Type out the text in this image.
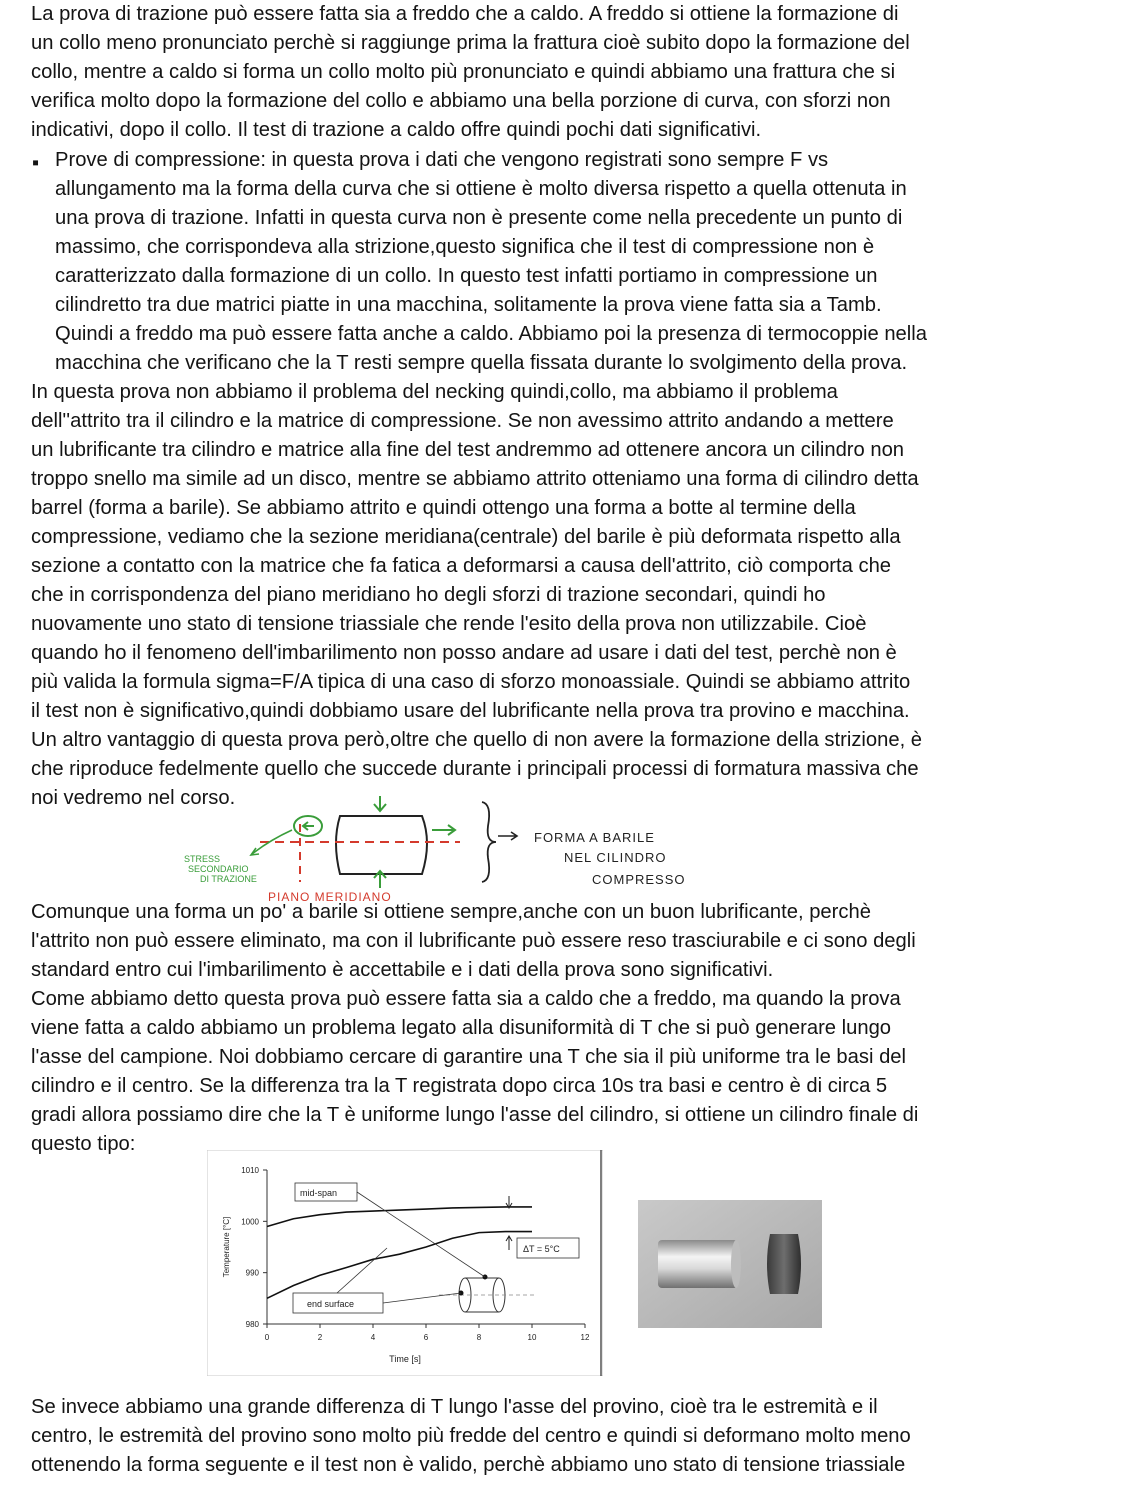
La prova di trazione può essere fatta sia a freddo che a caldo. A freddo si ottiene la formazione di
un collo meno pronunciato perchè si raggiunge prima la frattura cioè subito dopo la formazione del
collo, mentre a caldo si forma un collo molto più pronunciato e quindi abbiamo una frattura che si
verifica molto dopo la formazione del collo e abbiamo una bella porzione di curva, con sforzi non
indicativi, dopo il collo. Il test di trazione a caldo offre quindi pochi dati significativi.
▪ Prove di compressione: in questa prova i dati che vengono registrati sono sempre F vs
allungamento ma la forma della curva che si ottiene è molto diversa rispetto a quella ottenuta in
una prova di trazione. Infatti in questa curva non è presente come nella precedente un punto di
massimo, che corrispondeva alla strizione,questo significa che il test di compressione non è
caratterizzato dalla formazione di un collo. In questo test infatti portiamo in compressione un
cilindretto tra due matrici piatte in una macchina, solitamente la prova viene fatta sia a Tamb.
Quindi a freddo ma può essere fatta anche a caldo. Abbiamo poi la presenza di termocoppie nella
macchina che verificano che la T resti sempre quella fissata durante lo svolgimento della prova.
In questa prova non abbiamo il problema del necking quindi,collo, ma abbiamo il problema
dell''attrito tra il cilindro e la matrice di compressione. Se non avessimo attrito andando a mettere
un lubrificante tra cilindro e matrice alla fine del test andremmo ad ottenere ancora un cilindro non
troppo snello ma simile ad un disco, mentre se abbiamo attrito otteniamo una forma di cilindro detta
barrel (forma a barile). Se abbiamo attrito e quindi ottengo una forma a botte al termine della
compressione, vediamo che la sezione meridiana(centrale) del barile è più deformata rispetto alla
sezione a contatto con la matrice che fa fatica a deformarsi a causa dell'attrito, ciò comporta che
che in corrispondenza del piano meridiano ho degli sforzi di trazione secondari, quindi ho
nuovamente uno stato di tensione triassiale che rende l'esito della prova non utilizzabile. Cioè
quando ho il fenomeno dell'imbarilimento non posso andare ad usare i dati del test, perchè non è
più valida la formula sigma=F/A tipica di una caso di sforzo monoassiale. Quindi se abbiamo attrito
il test non è significativo,quindi dobbiamo usare del lubrificante nella prova tra provino e macchina.
Un altro vantaggio di questa prova però,oltre che quello di non avere la formazione della strizione, è
che riproduce fedelmente quello che succede durante i principali processi di formatura massiva che
noi vedremo nel corso.
STRESS
SECONDARIO
DI TRAZIONE
PIANO MERIDIANO
FORMA A BARILE
NEL CILINDRO
COMPRESSO
Comunque una forma un po' a barile si ottiene sempre,anche con un buon lubrificante, perchè
l'attrito non può essere eliminato, ma con il lubrificante può essere reso trasciurabile e ci sono degli
standard entro cui l'imbarilimento è accettabile e i dati della prova sono significativi.
Come abbiamo detto questa prova può essere fatta sia a caldo che a freddo, ma quando la prova
viene fatta a caldo abbiamo un problema legato alla disuniformità di T che si può generare lungo
l'asse del campione. Noi dobbiamo cercare di garantire una T che sia il più uniforme tra le basi del
cilindro e il centro. Se la differenza tra la T registrata dopo circa 10s tra basi e centro è di circa 5
gradi allora possiamo dire che la T è uniforme lungo l'asse del cilindro, si ottiene un cilindro finale di
questo tipo:
0	2	4	6	8	10	12
980
990
1000
1010
mid-span
end surface
ΔT = 5°C
Time [s]
Temperature [°C]
Se invece abbiamo una grande differenza di T lungo l'asse del provino, cioè tra le estremità e il
centro, le estremità del provino sono molto più fredde del centro e quindi si deformano molto meno
ottenendo la forma seguente e il test non è valido, perchè abbiamo uno stato di tensione triassiale
